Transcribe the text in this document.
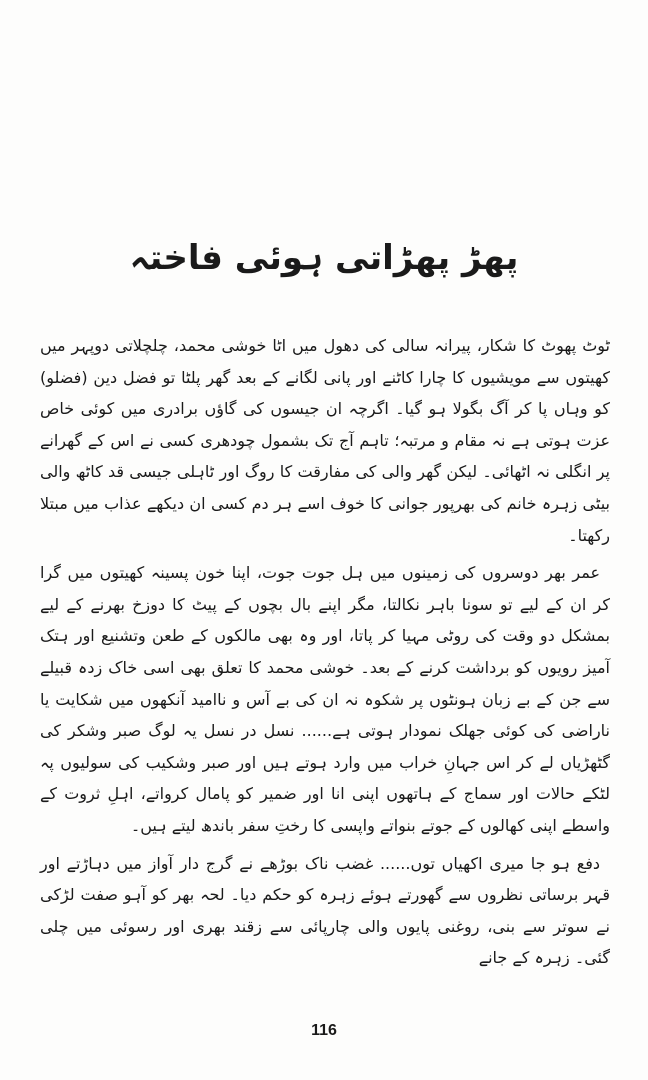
پھڑ پھڑاتی ہوئی فاختہ

ٹوٹ پھوٹ کا شکار، پیرانہ سالی کی دھول میں اٹا خوشی محمد، چلچلاتی دوپہر میں کھیتوں سے مویشیوں کا چارا کاٹنے اور پانی لگانے کے بعد گھر پلٹا تو فضل دین (فضلو) کو وہاں پا کر آگ بگولا ہو گیا۔ اگرچہ ان جیسوں کی گاؤں برادری میں کوئی خاص عزت ہوتی ہے نہ مقام و مرتبہ؛ تاہم آج تک بشمول چودھری کسی نے اس کے گھرانے پر انگلی نہ اٹھائی۔ لیکن گھر والی کی مفارقت کا روگ اور ٹاہلی جیسی قد کاٹھ والی بیٹی زہرہ خانم کی بھرپور جوانی کا خوف اسے ہر دم کسی ان دیکھے عذاب میں مبتلا رکھتا۔

عمر بھر دوسروں کی زمینوں میں ہل جوت جوت، اپنا خون پسینہ کھیتوں میں گرا کر ان کے لیے تو سونا باہر نکالتا، مگر اپنے بال بچوں کے پیٹ کا دوزخ بھرنے کے لیے بمشکل دو وقت کی روٹی مہیا کر پاتا، اور وہ بھی مالکوں کے طعن وتشنیع اور ہتک آمیز رویوں کو برداشت کرنے کے بعد۔ خوشی محمد کا تعلق بھی اسی خاک زدہ قبیلے سے جن کے بے زبان ہونٹوں پر شکوہ نہ ان کی بے آس و ناامید آنکھوں میں شکایت یا ناراضی کی کوئی جھلک نمودار ہوتی ہے...... نسل در نسل یہ لوگ صبر وشکر کی گٹھڑیاں لے کر اس جہانِ خراب میں وارد ہوتے ہیں اور صبر وشکیب کی سولیوں پہ لٹکے حالات اور سماج کے ہاتھوں اپنی انا اور ضمیر کو پامال کرواتے، اہلِ ثروت کے واسطے اپنی کھالوں کے جوتے بنواتے واپسی کا رختِ سفر باندھ لیتے ہیں۔

دفع ہو جا میری اکھیاں توں...... غضب ناک بوڑھے نے گرج دار آواز میں دہاڑتے اور قہر برساتی نظروں سے گھورتے ہوئے زہرہ کو حکم دیا۔ لحہ بھر کو آہو صفت لڑکی نے سوتر سے بنی، روغنی پایوں والی چارپائی سے زقند بھری اور رسوئی میں چلی گئی۔ زہرہ کے جانے

116
